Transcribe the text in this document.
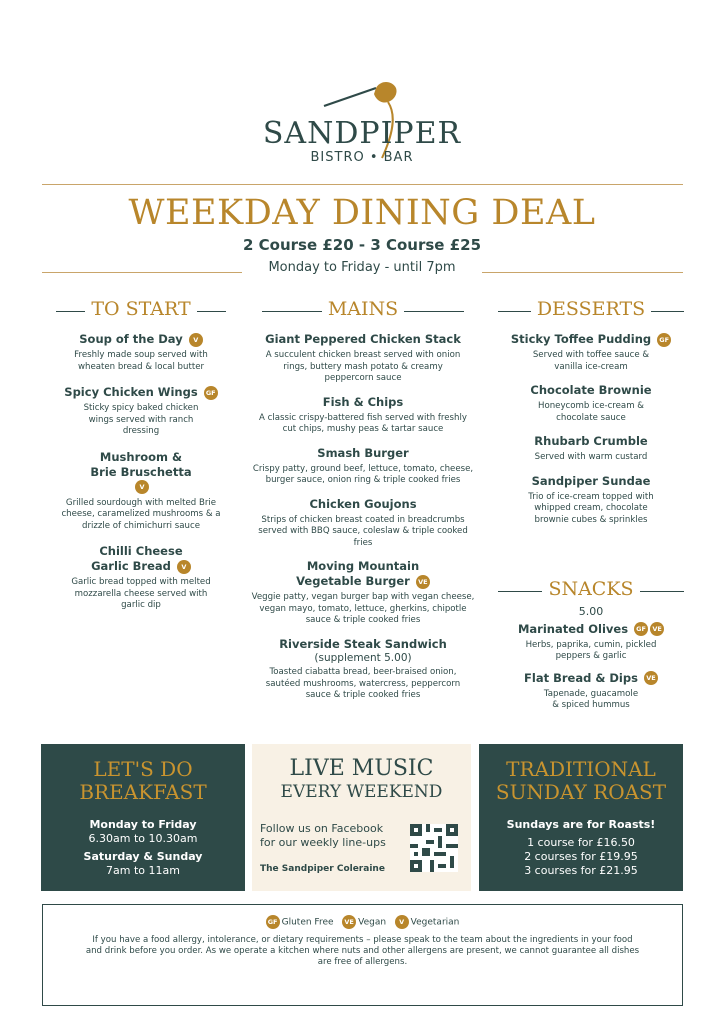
SANDPIPER
BISTRO • BAR
WEEKDAY DINING DEAL
2 Course £20 - 3 Course £25
Monday to Friday - until 7pm
TO START
Soup of the Day V
Freshly made soup served with wheaten bread & local butter
Spicy Chicken Wings GF
Sticky spicy baked chicken wings served with ranch dressing
Mushroom & Brie Bruschetta V
Grilled sourdough with melted Brie cheese, caramelized mushrooms & a drizzle of chimichurri sauce
Chilli Cheese Garlic Bread V
Garlic bread topped with melted mozzarella cheese served with garlic dip
MAINS
Giant Peppered Chicken Stack
A succulent chicken breast served with onion rings, buttery mash potato & creamy peppercorn sauce
Fish & Chips
A classic crispy-battered fish served with freshly cut chips, mushy peas & tartar sauce
Smash Burger
Crispy patty, ground beef, lettuce, tomato, cheese, burger sauce, onion ring & triple cooked fries
Chicken Goujons
Strips of chicken breast coated in breadcrumbs served with BBQ sauce, coleslaw & triple cooked fries
Moving Mountain Vegetable Burger VE
Veggie patty, vegan burger bap with vegan cheese, vegan mayo, tomato, lettuce, gherkins, chipotle sauce & triple cooked fries
Riverside Steak Sandwich
(supplement 5.00)
Toasted ciabatta bread, beer-braised onion, sautéed mushrooms, watercress, peppercorn sauce & triple cooked fries
DESSERTS
Sticky Toffee Pudding GF
Served with toffee sauce & vanilla ice-cream
Chocolate Brownie
Honeycomb ice-cream & chocolate sauce
Rhubarb Crumble
Served with warm custard
Sandpiper Sundae
Trio of ice-cream topped with whipped cream, chocolate brownie cubes & sprinkles
SNACKS
5.00
Marinated Olives GF VE
Herbs, paprika, cumin, pickled peppers & garlic
Flat Bread & Dips VE
Tapenade, guacamole & spiced hummus
LET'S DO
BREAKFAST
Monday to Friday
6.30am to 10.30am
Saturday & Sunday
7am to 11am
LIVE MUSIC
EVERY WEEKEND
Follow us on Facebook
for our weekly line-ups
The Sandpiper Coleraine
TRADITIONAL
SUNDAY ROAST
Sundays are for Roasts!
1 course for £16.50
2 courses for £19.95
3 courses for £21.95
GF Gluten Free VE Vegan V Vegetarian
If you have a food allergy, intolerance, or dietary requirements – please speak to the team about the ingredients in your food and drink before you order. As we operate a kitchen where nuts and other allergens are present, we cannot guarantee all dishes are free of allergens.
